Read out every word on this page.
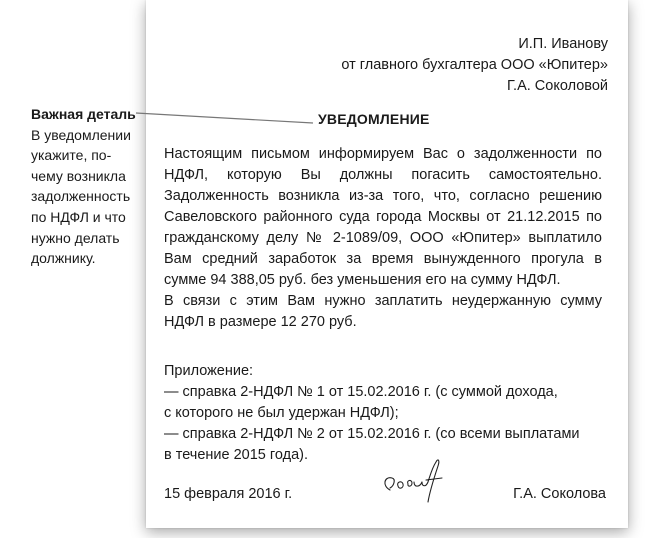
Важная деталь
В уведомлении
укажите, по-
чему возникла
задолженность
по НДФЛ и что
нужно делать
должнику.
И.П. Иванову
от главного бухгалтера ООО «Юпитер»
Г.А. Соколовой
УВЕДОМЛЕНИЕ

Настоящим письмом информируем Вас о задолженности по НДФЛ, которую Вы должны погасить самостоятельно. Задолженность возникла из-за того, что, согласно решению Савеловского районного суда города Москвы от 21.12.2015 по гражданскому делу № 2-1089/09, ООО «Юпитер» выплатило Вам средний заработок за время вынужденного прогула в сумме 94 388,05 руб. без уменьшения его на сумму НДФЛ.

В связи с этим Вам нужно заплатить неудержанную сумму НДФЛ в размере 12 270 руб.

Приложение:
— справка 2-НДФЛ № 1 от 15.02.2016 г. (с суммой дохода,
с которого не был удержан НДФЛ);
— справка 2-НДФЛ № 2 от 15.02.2016 г. (со всеми выплатами
в течение 2015 года).
15 февраля 2016 г.	Г.А. Соколова
